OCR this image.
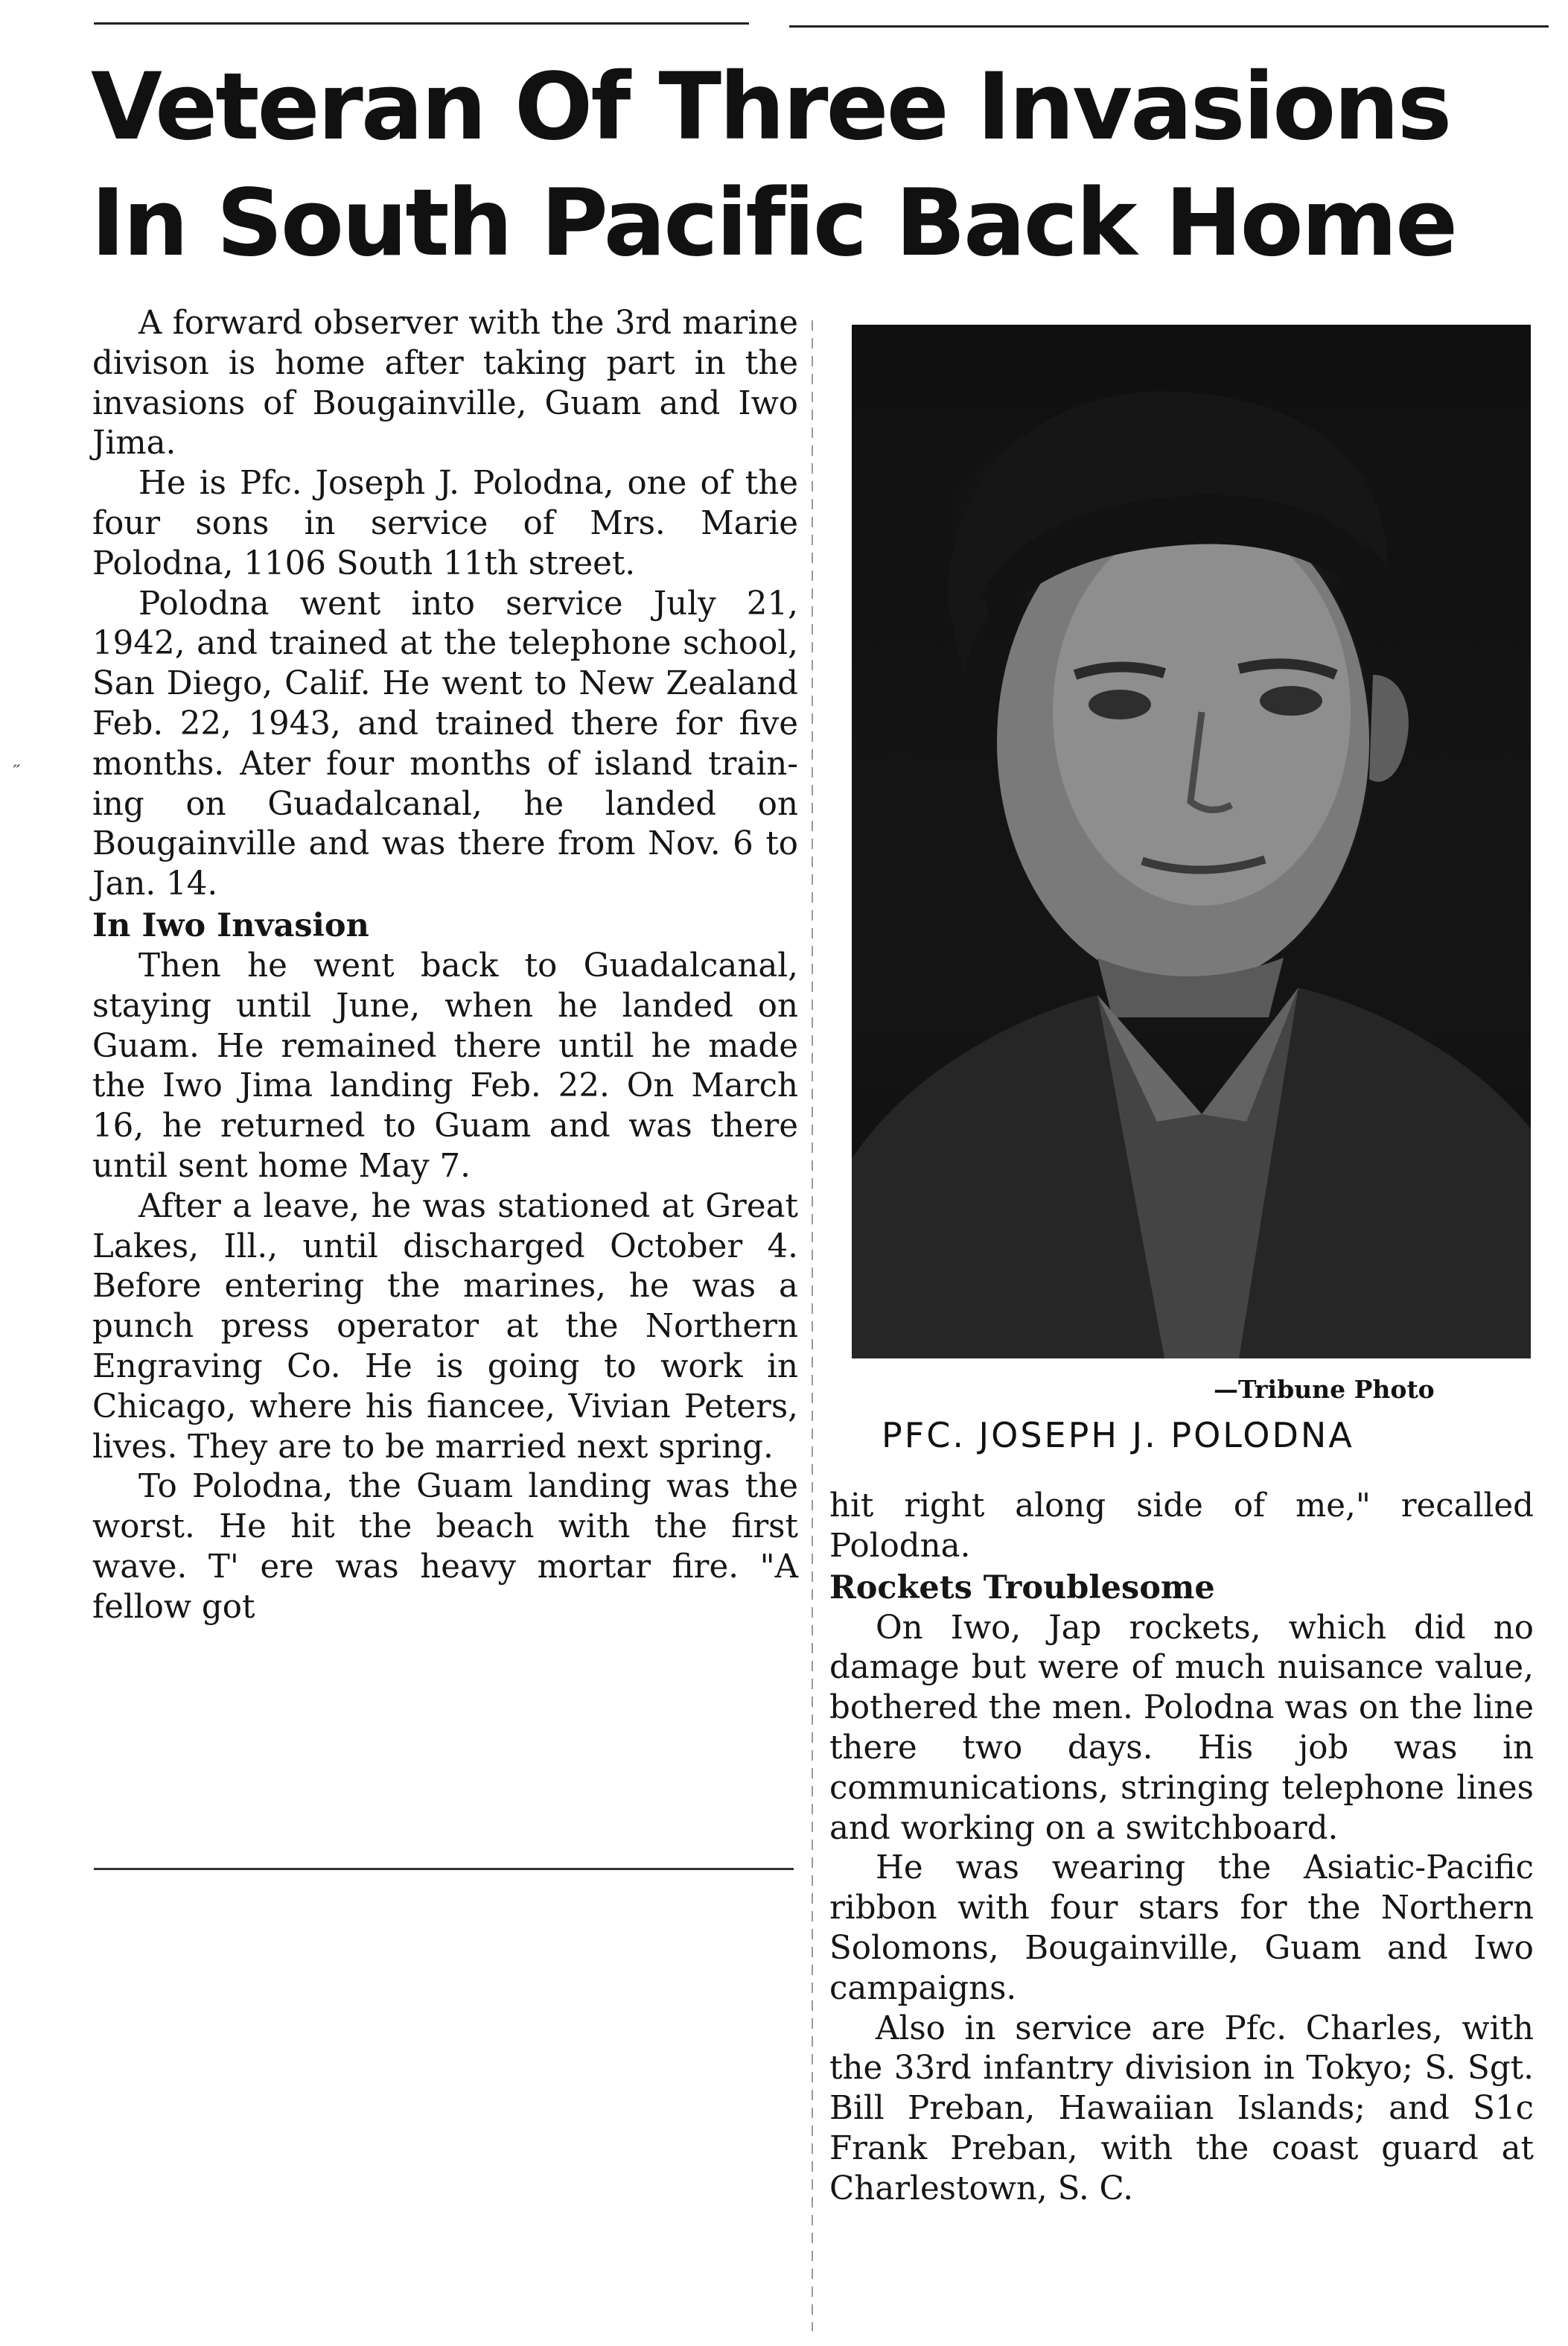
Veteran Of Three Invasions
In South Pacific Back Home
˶

A forward observer with the 3rd marine divison is home after taking part in the invasions of Bougainville, Guam and Iwo Jima.

He is Pfc. Joseph J. Polodna, one of the four sons in service of Mrs. Marie Polodna, 1106 South 11th street.

Polodna went into service July 21, 1942, and trained at the telephone school, San Diego, Calif. He went to New Zealand Feb. 22, 1943, and trained there for five months. Ater four months of island training on Guadalcanal, he landed on Bougainville and was there from Nov. 6 to Jan. 14.

In Iwo Invasion

Then he went back to Guadalcanal, staying until June, when he landed on Guam. He remained there until he made the Iwo Jima landing Feb. 22. On March 16, he returned to Guam and was there until sent home May 7.

After a leave, he was stationed at Great Lakes, Ill., until discharged October 4. Before entering the marines, he was a punch press operator at the Northern Engraving Co. He is going to work in Chicago, where his fiancee, Vivian Peters, lives. They are to be married next spring.

To Polodna, the Guam landing was the worst. He hit the beach with the first wave. T' ere was heavy mortar fire. "A fellow got

—Tribune Photo
PFC. JOSEPH J. POLODNA

hit right along side of me," recalled Polodna.

Rockets Troublesome

On Iwo, Jap rockets, which did no damage but were of much nuisance value, bothered the men. Polodna was on the line there two days. His job was in communications, stringing telephone lines and working on a switchboard.

He was wearing the Asiatic-Pacific ribbon with four stars for the Northern Solomons, Bougainville, Guam and Iwo campaigns.

Also in service are Pfc. Charles, with the 33rd infantry division in Tokyo; S. Sgt. Bill Preban, Hawaiian Islands; and S1c Frank Preban, with the coast guard at Charlestown, S. C.
